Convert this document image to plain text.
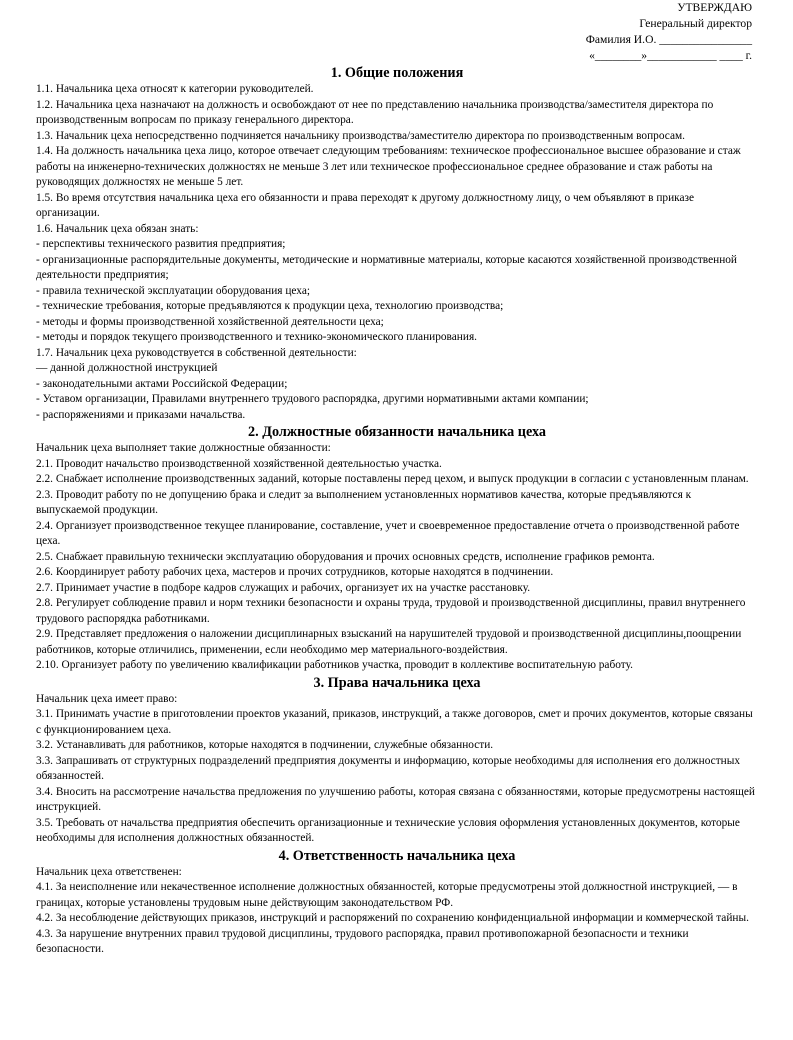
УТВЕРЖДАЮ
Генеральный директор
Фамилия И.О. ________________
«________»____________ ____ г.
1. Общие положения

1.1. Начальника цеха относят к категории руководителей.

1.2. Начальника цеха назначают на должность и освобождают от нее по представлению начальника производства/заместителя директора по производственным вопросам по приказу генерального директора.

1.3. Начальник цеха непосредственно подчиняется начальнику производства/заместителю директора по производственным вопросам.

1.4. На должность начальника цеха лицо, которое отвечает следующим требованиям: техническое профессиональное высшее образование и стаж работы на инженерно-технических должностях не меньше 3 лет или техническое профессиональное среднее образование и стаж работы на руководящих должностях не меньше 5 лет.

1.5. Во время отсутствия начальника цеха его обязанности и права переходят к другому должностному лицу, о чем объявляют в приказе организации.

1.6. Начальник цеха обязан знать:

- перспективы технического развития предприятия;

- организационные распорядительные документы, методические и нормативные материалы, которые касаются хозяйственной производственной деятельности предприятия;

- правила технической эксплуатации оборудования цеха;

- технические требования, которые предъявляются к продукции цеха, технологию производства;

- методы и формы производственной хозяйственной деятельности цеха;

- методы и порядок текущего производственного и технико-экономического планирования.

1.7. Начальник цеха руководствуется в собственной деятельности:

— данной должностной инструкцией

- законодательными актами Российской Федерации;

- Уставом организации, Правилами внутреннего трудового распорядка, другими нормативными актами компании;

- распоряжениями и приказами начальства.

2. Должностные обязанности начальника цеха

Начальник цеха выполняет такие должностные обязанности:

2.1. Проводит начальство производственной хозяйственной деятельностью участка.

2.2. Снабжает исполнение производственных заданий, которые поставлены перед цехом, и выпуск продукции в согласии с установленным планам.

2.3. Проводит работу по не допущению брака и следит за выполнением установленных нормативов качества, которые предъявляются к выпускаемой продукции.

2.4. Организует производственное текущее планирование, составление, учет и своевременное предоставление отчета о производственной работе цеха.

2.5. Снабжает правильную технически эксплуатацию оборудования и прочих основных средств, исполнение графиков ремонта.

2.6. Координирует работу рабочих цеха, мастеров и прочих сотрудников, которые находятся в подчинении.

2.7. Принимает участие в подборе кадров служащих и рабочих, организует их на участке расстановку.

2.8. Регулирует соблюдение правил и норм техники безопасности и охраны труда, трудовой и производственной дисциплины, правил внутреннего трудового распорядка работниками.

2.9. Представляет предложения о наложении дисциплинарных взысканий на нарушителей трудовой и производственной дисциплины,поощрении работников, которые отличились, применении, если необходимо мер материального-воздействия.

2.10. Организует работу по увеличению квалификации работников участка, проводит в коллективе воспитательную работу.

3. Права начальника цеха

Начальник цеха имеет право:

3.1. Принимать участие в приготовлении проектов указаний, приказов, инструкций, а также договоров, смет и прочих документов, которые связаны с функционированием цеха.

3.2. Устанавливать для работников, которые находятся в подчинении, служебные обязанности.

3.3. Запрашивать от структурных подразделений предприятия документы и информацию, которые необходимы для исполнения его должностных обязанностей.

3.4. Вносить на рассмотрение начальства предложения по улучшению работы, которая связана с обязанностями, которые предусмотрены настоящей инструкцией.

3.5. Требовать от начальства предприятия обеспечить организационные и технические условия оформления установленных документов, которые необходимы для исполнения должностных обязанностей.

4. Ответственность начальника цеха

Начальник цеха ответственен:

4.1. За неисполнение или некачественное исполнение должностных обязанностей, которые предусмотрены этой должностной инструкцией, — в границах, которые установлены трудовым ныне действующим законодательством РФ.

4.2. За несоблюдение действующих приказов, инструкций и распоряжений по сохранению конфиденциальной информации и коммерческой тайны.

4.3. За нарушение внутренних правил трудовой дисциплины, трудового распорядка, правил противопожарной безопасности и техники безопасности.
